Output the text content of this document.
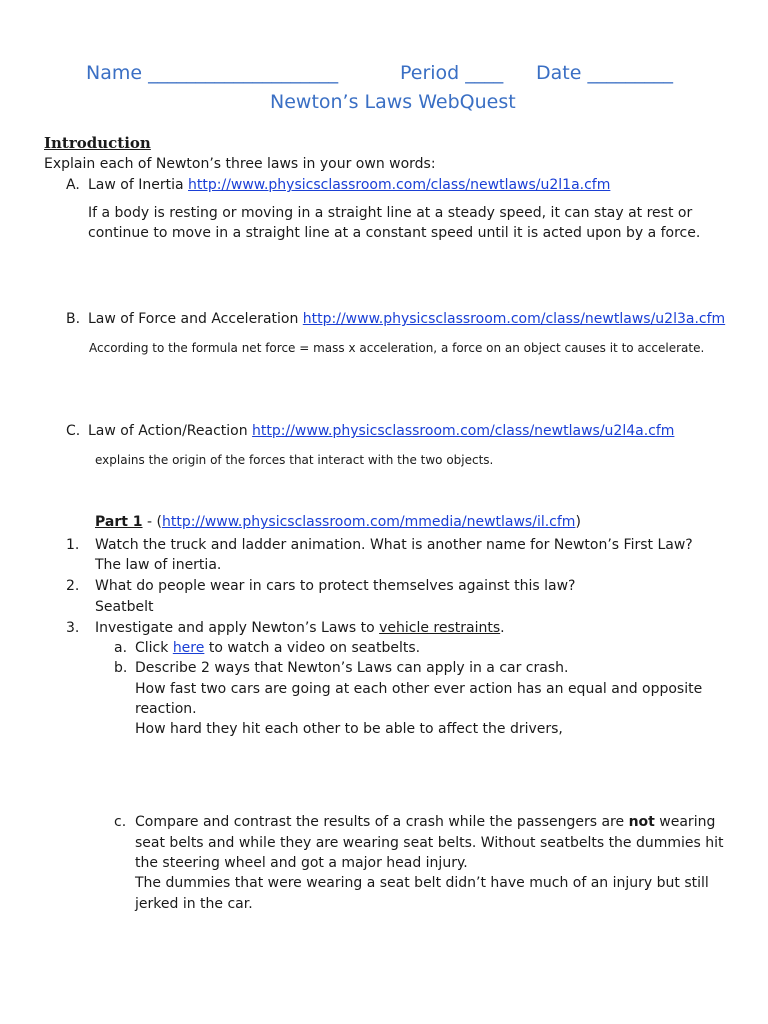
Name ____________________	Period ____ Date _________
Newton’s Laws WebQuest
Introduction
Explain each of Newton’s three laws in your own words:
A. Law of Inertia http://www.physicsclassroom.com/class/newtlaws/u2l1a.cfm
If a body is resting or moving in a straight line at a steady speed, it can stay at rest or
continue to move in a straight line at a constant speed until it is acted upon by a force.
B. Law of Force and Acceleration http://www.physicsclassroom.com/class/newtlaws/u2l3a.cfm
According to the formula net force = mass x acceleration, a force on an object causes it to accelerate.
C. Law of Action/Reaction http://www.physicsclassroom.com/class/newtlaws/u2l4a.cfm
explains the origin of the forces that interact with the two objects.
Part 1 - (http://www.physicsclassroom.com/mmedia/newtlaws/il.cfm)
1. Watch the truck and ladder animation. What is another name for Newton’s First Law?
The law of inertia.
2. What do people wear in cars to protect themselves against this law?
Seatbelt
3. Investigate and apply Newton’s Laws to vehicle restraints.
a. Click here to watch a video on seatbelts.
b. Describe 2 ways that Newton’s Laws can apply in a car crash.
How fast two cars are going at each other ever action has an equal and opposite
reaction.
How hard they hit each other to be able to affect the drivers,
c. Compare and contrast the results of a crash while the passengers are not wearing
seat belts and while they are wearing seat belts. Without seatbelts the dummies hit
the steering wheel and got a major head injury.
The dummies that were wearing a seat belt didn’t have much of an injury but still
jerked in the car.
